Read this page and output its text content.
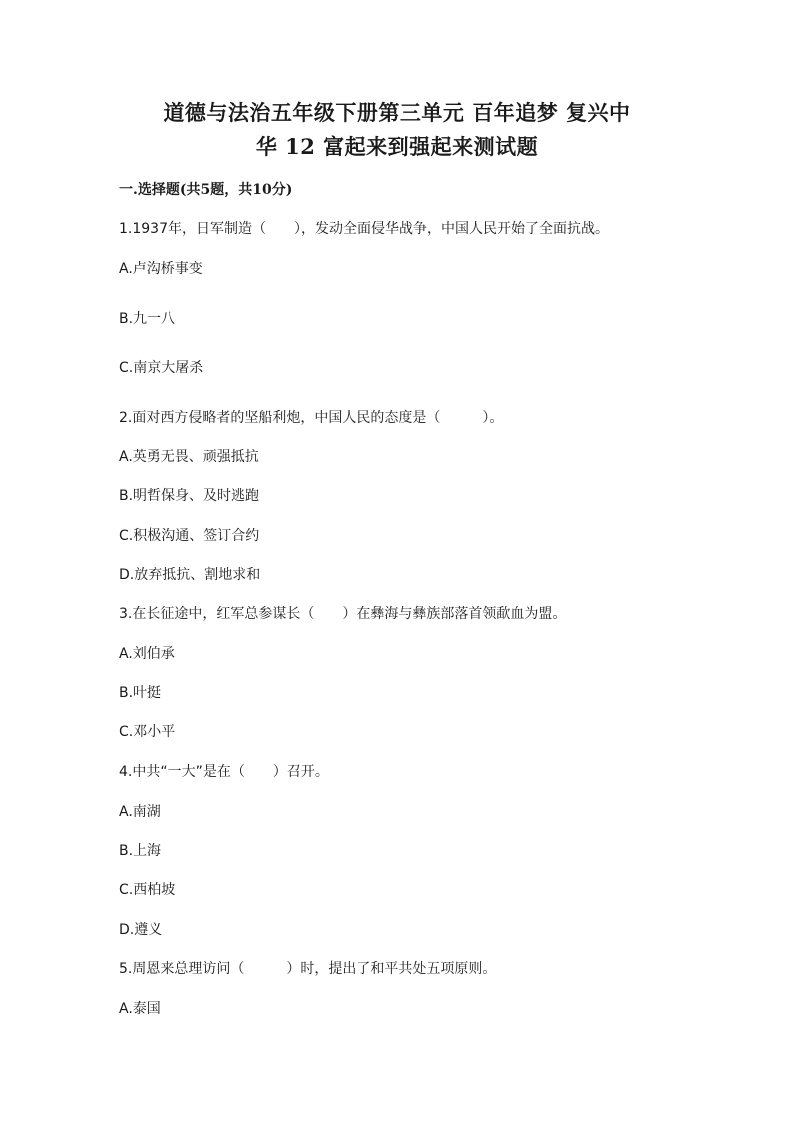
道德与法治五年级下册第三单元 百年追梦 复兴中
华 12 富起来到强起来测试题
一.选择题(共5题，共10分)
1.1937年，日军制造（　　），发动全面侵华战争，中国人民开始了全面抗战。
A.卢沟桥事变
B.九一八
C.南京大屠杀
2.面对西方侵略者的坚船利炮，中国人民的态度是（　　　）。
A.英勇无畏、顽强抵抗
B.明哲保身、及时逃跑
C.积极沟通、签订合约
D.放弃抵抗、割地求和
3.在长征途中，红军总参谋长（　　）在彝海与彝族部落首领歃血为盟。
A.刘伯承
B.叶挺
C.邓小平
4.中共“一大”是在（　　）召开。
A.南湖
B.上海
C.西柏坡
D.遵义
5.周恩来总理访问（　　　）时，提出了和平共处五项原则。
A.泰国
